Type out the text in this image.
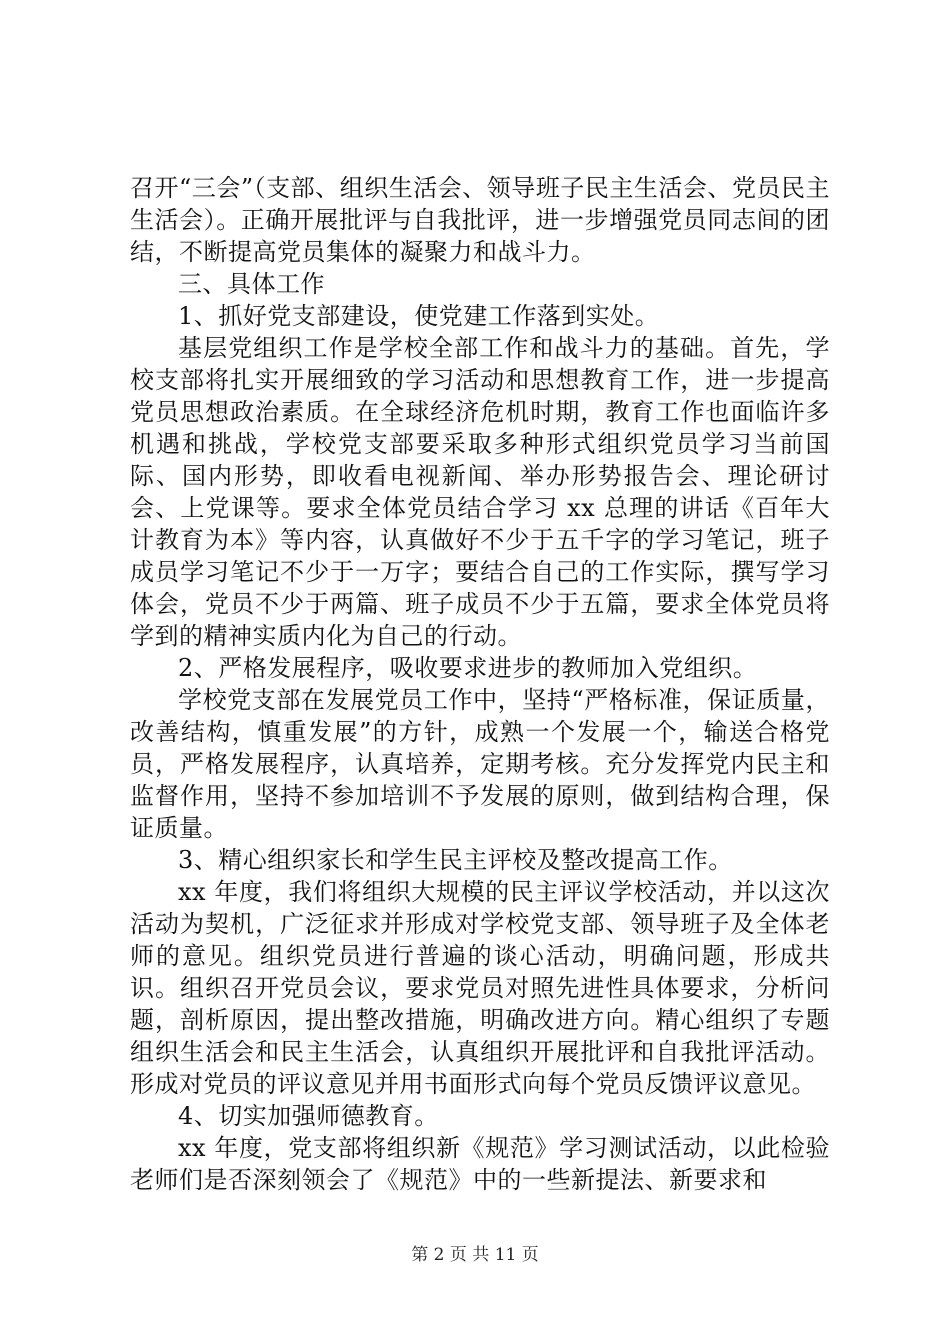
召开“三会”（支部、组织生活会、领导班子民主生活会、党员民主生活会）。正确开展批评与自我批评，进一步增强党员同志间的团结，不断提高党员集体的凝聚力和战斗力。

三、具体工作

1、抓好党支部建设，使党建工作落到实处。

基层党组织工作是学校全部工作和战斗力的基础。首先，学校支部将扎实开展细致的学习活动和思想教育工作，进一步提高党员思想政治素质。在全球经济危机时期，教育工作也面临许多机遇和挑战，学校党支部要采取多种形式组织党员学习当前国际、国内形势，即收看电视新闻、举办形势报告会、理论研讨会、上党课等。要求全体党员结合学习 xx 总理的讲话《百年大计教育为本》等内容，认真做好不少于五千字的学习笔记，班子成员学习笔记不少于一万字；要结合自己的工作实际，撰写学习体会，党员不少于两篇、班子成员不少于五篇，要求全体党员将学到的精神实质内化为自己的行动。

2、严格发展程序，吸收要求进步的教师加入党组织。

学校党支部在发展党员工作中，坚持“严格标准，保证质量，改善结构，慎重发展”的方针，成熟一个发展一个，输送合格党员，严格发展程序，认真培养，定期考核。充分发挥党内民主和监督作用，坚持不参加培训不予发展的原则，做到结构合理，保证质量。

3、精心组织家长和学生民主评校及整改提高工作。

xx 年度，我们将组织大规模的民主评议学校活动，并以这次活动为契机，广泛征求并形成对学校党支部、领导班子及全体老师的意见。组织党员进行普遍的谈心活动，明确问题，形成共识。组织召开党员会议，要求党员对照先进性具体要求，分析问题，剖析原因，提出整改措施，明确改进方向。精心组织了专题组织生活会和民主生活会，认真组织开展批评和自我批评活动。形成对党员的评议意见并用书面形式向每个党员反馈评议意见。

4、切实加强师德教育。

xx 年度，党支部将组织新《规范》学习测试活动，以此检验老师们是否深刻领会了《规范》中的一些新提法、新要求和

第 2 页 共 11 页
